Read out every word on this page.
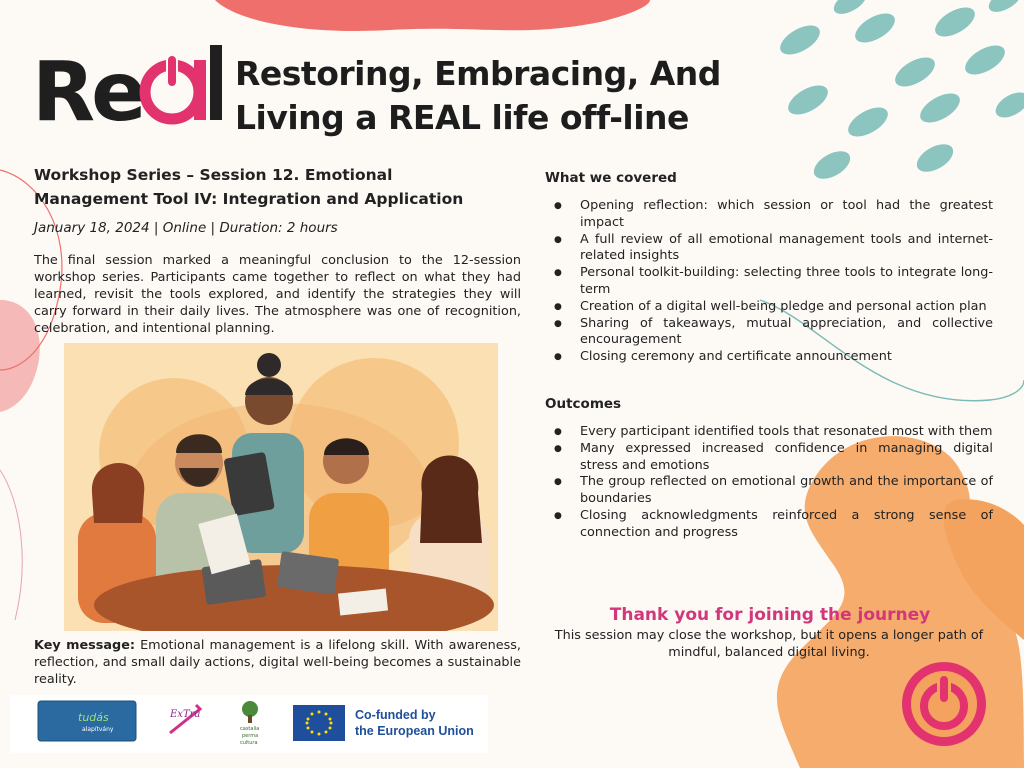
Re	Restoring, Embracing, And
Living a REAL life off-line
Workshop Series – Session 12. Emotional
Management Tool IV: Integration and Application
January 18, 2024 | Online | Duration: 2 hours
The final session marked a meaningful conclusion to the 12-session workshop series. Participants came together to reflect on what they had learned, revisit the tools explored, and identify the strategies they will carry forward in their daily lives. The atmosphere was one of recognition, celebration, and intentional planning.
Key message: Emotional management is a lifelong skill. With awareness, reflection, and small daily actions, digital well-being becomes a sustainable reality.
What we covered
● Opening reflection: which session or tool had the greatest impact
● A full review of all emotional management tools and internet-related insights
● Personal toolkit-building: selecting three tools to integrate long-term
● Creation of a digital well-being pledge and personal action plan
● Sharing of takeaways, mutual appreciation, and collective encouragement
● Closing ceremony and certificate announcement
Outcomes
● Every participant identified tools that resonated most with them
● Many expressed increased confidence in managing digital stress and emotions
● The group reflected on emotional growth and the importance of boundaries
● Closing acknowledgments reinforced a strong sense of connection and progress
Thank you for joining the journey
This session may close the workshop, but it opens a longer path of mindful, balanced digital living.
tudás
alapítvány
ExTra
castalia
perma
cultura
Co-funded by
the European Union
